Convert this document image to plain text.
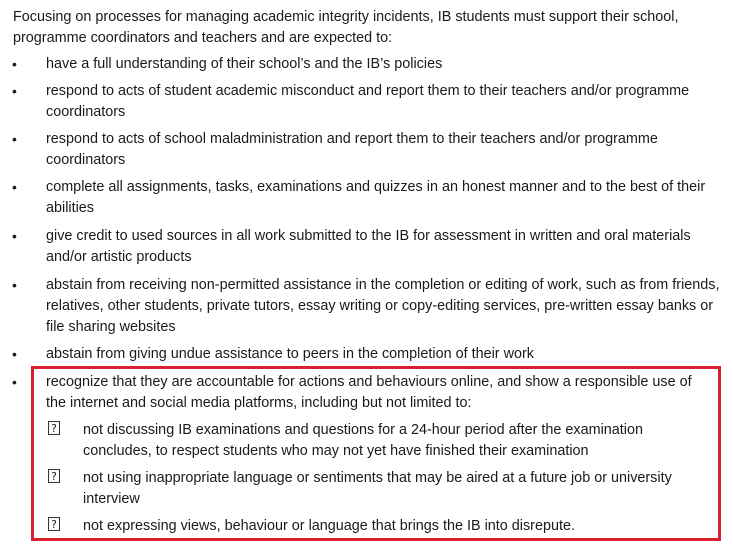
Focusing on processes for managing academic integrity incidents, IB students must support their school, programme coordinators and teachers and are expected to:

•	have a full understanding of their school’s and the IB’s policies
•	respond to acts of student academic misconduct and report them to their teachers and/or programme coordinators
•	respond to acts of school maladministration and report them to their teachers and/or programme coordinators
•	complete all assignments, tasks, examinations and quizzes in an honest manner and to the best of their abilities
•	give credit to used sources in all work submitted to the IB for assessment in written and oral materials and/or artistic products
•	abstain from receiving non-permitted assistance in the completion or editing of work, such as from friends, relatives, other students, private tutors, essay writing or copy-editing services, pre-written essay banks or file sharing websites
•	abstain from giving undue assistance to peers in the completion of their work
•	recognize that they are accountable for actions and behaviours online, and show a responsible use of the internet and social media platforms, including but not limited to:
? not discussing IB examinations and questions for a 24-hour period after the examination concludes, to respect students who may not yet have finished their examination
? not using inappropriate language or sentiments that may be aired at a future job or university interview
? not expressing views, behaviour or language that brings the IB into disrepute.
